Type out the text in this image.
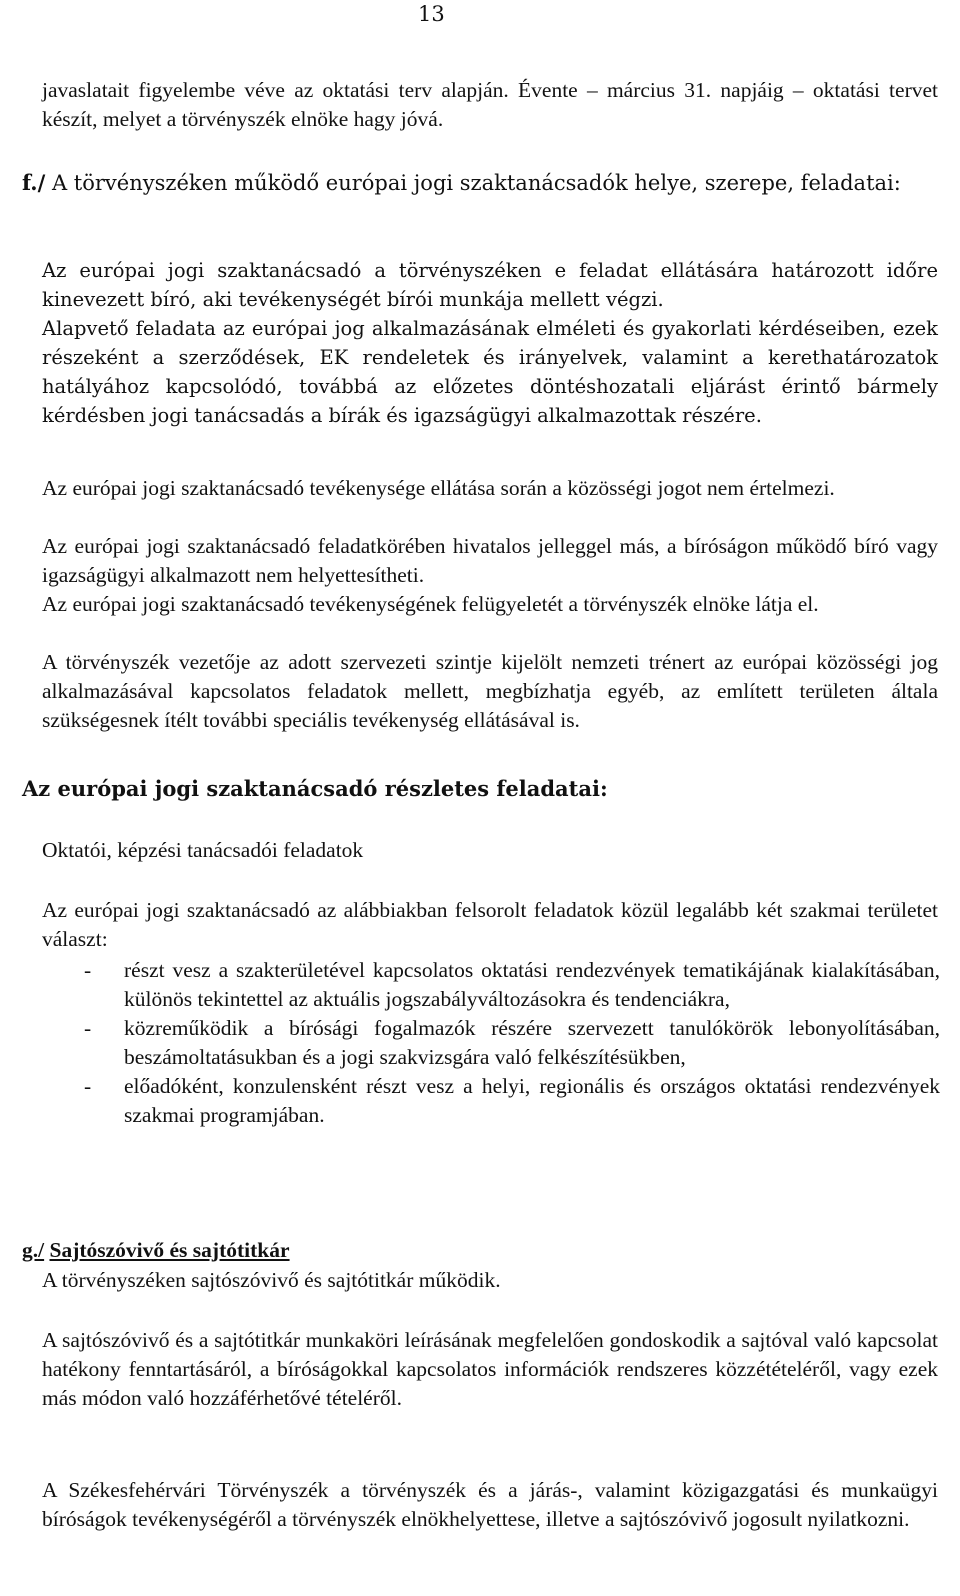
13

javaslatait figyelembe véve az oktatási terv alapján. Évente – március 31. napjáig – oktatási tervet készít, melyet a törvényszék elnöke hagy jóvá.

f./ A törvényszéken működő európai jogi szaktanácsadók helye, szerepe, feladatai:

Az európai jogi szaktanácsadó a törvényszéken e feladat ellátására határozott időre kinevezett bíró, aki tevékenységét bírói munkája mellett végzi.

Alapvető feladata az európai jog alkalmazásának elméleti és gyakorlati kérdéseiben, ezek részeként a szerződések, EK rendeletek és irányelvek, valamint a kerethatározatok hatályához kapcsolódó, továbbá az előzetes döntéshozatali eljárást érintő bármely kérdésben jogi tanácsadás a bírák és igazságügyi alkalmazottak részére.

Az európai jogi szaktanácsadó tevékenysége ellátása során a közösségi jogot nem értelmezi.

Az európai jogi szaktanácsadó feladatkörében hivatalos jelleggel más, a bíróságon működő bíró vagy igazságügyi alkalmazott nem helyettesítheti.

Az európai jogi szaktanácsadó tevékenységének felügyeletét a törvényszék elnöke látja el.

A törvényszék vezetője az adott szervezeti szintje kijelölt nemzeti trénert az európai közösségi jog alkalmazásával kapcsolatos feladatok mellett, megbízhatja egyéb, az említett területen általa szükségesnek ítélt további speciális tevékenység ellátásával is.

Az európai jogi szaktanácsadó részletes feladatai:

Oktatói, képzési tanácsadói feladatok

Az európai jogi szaktanácsadó az alábbiakban felsorolt feladatok közül legalább két szakmai területet választ:

- részt vesz a szakterületével kapcsolatos oktatási rendezvények tematikájának kialakításában, különös tekintettel az aktuális jogszabályváltozásokra és tendenciákra,
- közreműködik a bírósági fogalmazók részére szervezett tanulókörök lebonyolításában, beszámoltatásukban és a jogi szakvizsgára való felkészítésükben,
- előadóként, konzulensként részt vesz a helyi, regionális és országos oktatási rendezvények szakmai programjában.

g./ Sajtószóvivő és sajtótitkár

A törvényszéken sajtószóvivő és sajtótitkár működik.

A sajtószóvivő és a sajtótitkár munkaköri leírásának megfelelően gondoskodik a sajtóval való kapcsolat hatékony fenntartásáról, a bíróságokkal kapcsolatos információk rendszeres közzétételéről, vagy ezek más módon való hozzáférhetővé tételéről.

A Székesfehérvári Törvényszék a törvényszék és a járás-, valamint közigazgatási és munkaügyi bíróságok tevékenységéről a törvényszék elnökhelyettese, illetve a sajtószóvivő jogosult nyilatkozni.
